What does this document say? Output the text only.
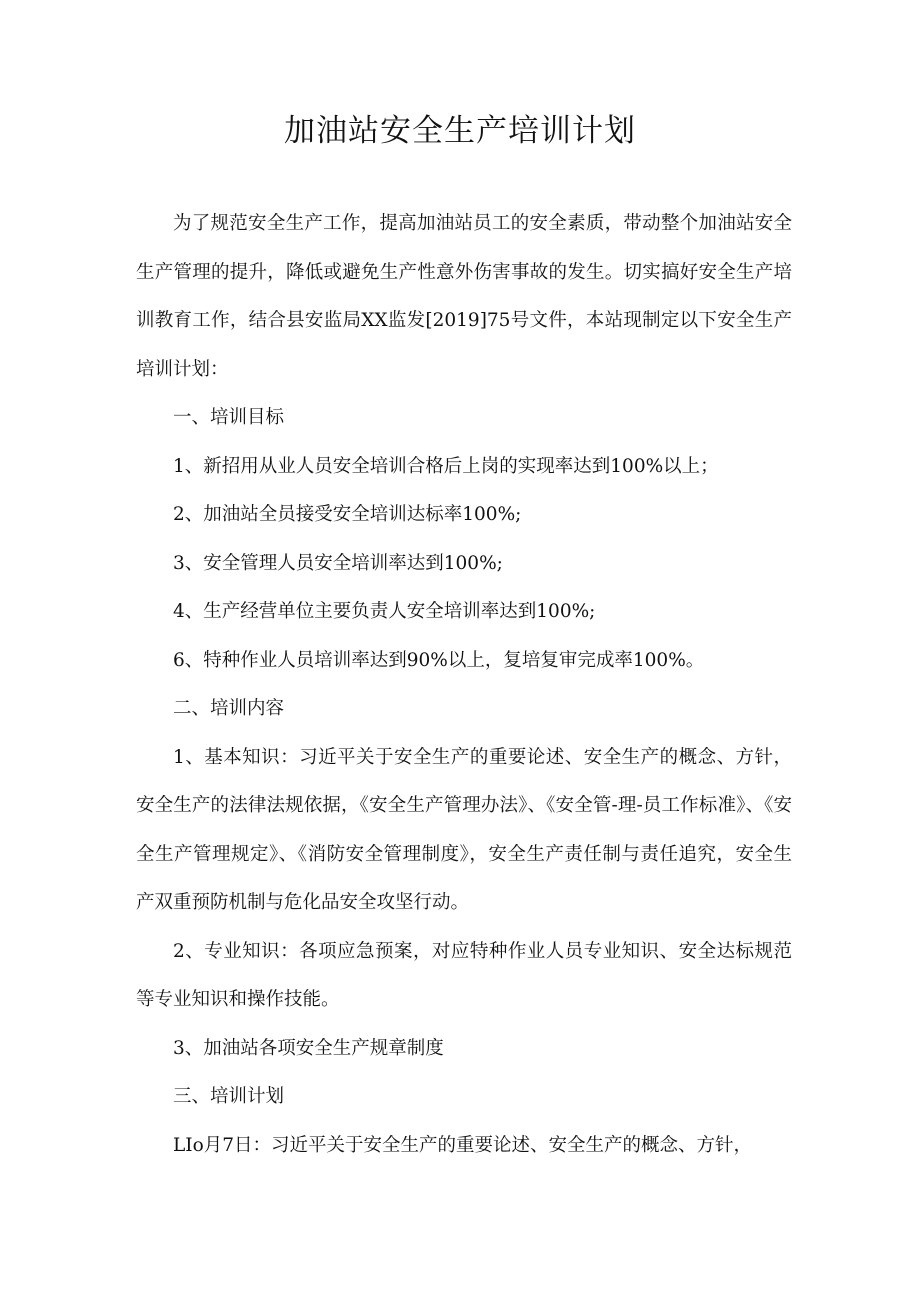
加油站安全生产培训计划

为了规范安全生产工作，提高加油站员工的安全素质，带动整个加油站安全生产管理的提升，降低或避免生产性意外伤害事故的发生。切实搞好安全生产培训教育工作，结合县安监局XX监发[2019]75号文件，本站现制定以下安全生产培训计划：

一、培训目标

1、新招用从业人员安全培训合格后上岗的实现率达到100%以上；

2、加油站全员接受安全培训达标率100%;

3、安全管理人员安全培训率达到100%;

4、生产经营单位主要负责人安全培训率达到100%;

6、特种作业人员培训率达到90%以上，复培复审完成率100%。

二、培训内容

1、基本知识：习近平关于安全生产的重要论述、安全生产的概念、方针，安全生产的法律法规依据，《安全生产管理办法》、《安全管-理-员工作标准》、《安全生产管理规定》、《消防安全管理制度》，安全生产责任制与责任追究，安全生产双重预防机制与危化品安全攻坚行动。

2、专业知识：各项应急预案，对应特种作业人员专业知识、安全达标规范等专业知识和操作技能。

3、加油站各项安全生产规章制度

三、培训计划

LIo月7日：习近平关于安全生产的重要论述、安全生产的概念、方针，
